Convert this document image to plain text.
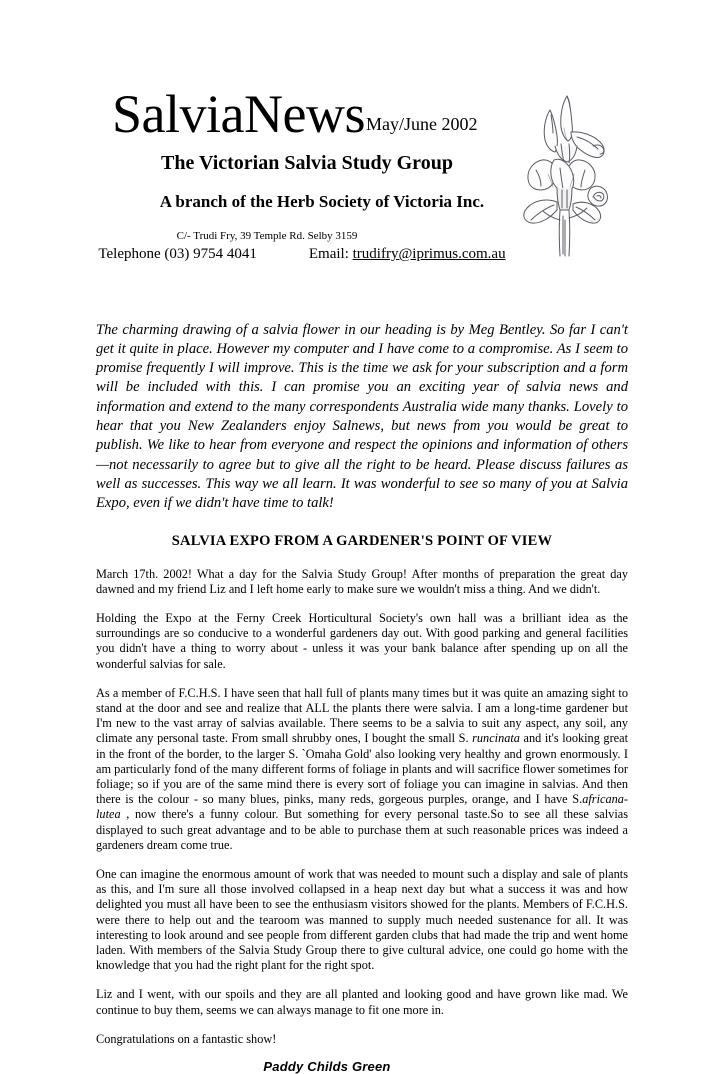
SalviaNewsMay/June 2002
The Victorian Salvia Study Group
A branch of the Herb Society of Victoria Inc.
C/- Trudi Fry, 39 Temple Rd. Selby 3159
Telephone (03) 9754 4041	Email: trudifry@iprimus.com.au

The charming drawing of a salvia flower in our heading is by Meg Bentley. So far I can't get it quite in place. However my computer and I have come to a compromise. As I seem to promise frequently I will improve. This is the time we ask for your subscription and a form will be included with this. I can promise you an exciting year of salvia news and information and extend to the many correspondents Australia wide many thanks. Lovely to hear that you New Zealanders enjoy Salnews, but news from you would be great to publish. We like to hear from everyone and respect the opinions and information of others—not necessarily to agree but to give all the right to be heard. Please discuss failures as well as successes. This way we all learn. It was wonderful to see so many of you at Salvia Expo, even if we didn't have time to talk!

SALVIA EXPO FROM A GARDENER'S POINT OF VIEW

March 17th. 2002! What a day for the Salvia Study Group! After months of preparation the great day dawned and my friend Liz and I left home early to make sure we wouldn't miss a thing. And we didn't.

Holding the Expo at the Ferny Creek Horticultural Society's own hall was a brilliant idea as the surroundings are so conducive to a wonderful gardeners day out. With good parking and general facilities you didn't have a thing to worry about - unless it was your bank balance after spending up on all the wonderful salvias for sale.

As a member of F.C.H.S. I have seen that hall full of plants many times but it was quite an amazing sight to stand at the door and see and realize that ALL the plants there were salvia. I am a long-time gardener but I'm new to the vast array of salvias available. There seems to be a salvia to suit any aspect, any soil, any climate any personal taste. From small shrubby ones, I bought the small S. runcinata and it's looking great in the front of the border, to the larger S. `Omaha Gold' also looking very healthy and grown enormously. I am particularly fond of the many different forms of foliage in plants and will sacrifice flower sometimes for foliage; so if you are of the same mind there is every sort of foliage you can imagine in salvias. And then there is the colour - so many blues, pinks, many reds, gorgeous purples, orange, and I have S.africana- lutea , now there's a funny colour. But something for every personal taste.So to see all these salvias displayed to such great advantage and to be able to purchase them at such reasonable prices was indeed a gardeners dream come true.

One can imagine the enormous amount of work that was needed to mount such a display and sale of plants as this, and I'm sure all those involved collapsed in a heap next day but what a success it was and how delighted you must all have been to see the enthusiasm visitors showed for the plants. Members of F.C.H.S. were there to help out and the tearoom was manned to supply much needed sustenance for all. It was interesting to look around and see people from different garden clubs that had made the trip and went home laden. With members of the Salvia Study Group there to give cultural advice, one could go home with the knowledge that you had the right plant for the right spot.

Liz and I went, with our spoils and they are all planted and looking good and have grown like mad. We continue to buy them, seems we can always manage to fit one more in.

Congratulations on a fantastic show!

Paddy Childs Green
